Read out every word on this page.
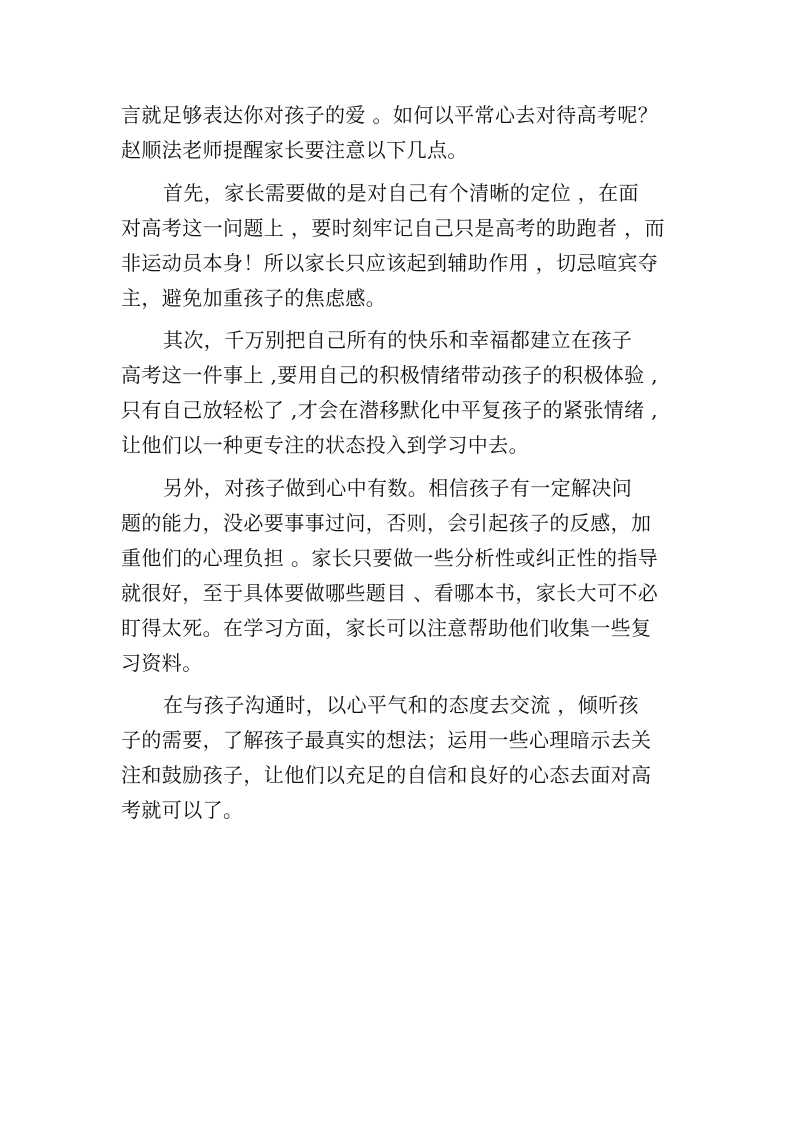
言就足够表达你对孩子的爱 。如何以平常心去对待高考呢？
赵顺法老师提醒家长要注意以下几点。
首先，家长需要做的是对自己有个清晰的定位 ，在面
对高考这一问题上 ，要时刻牢记自己只是高考的助跑者 ，而
非运动员本身！所以家长只应该起到辅助作用 ，切忌喧宾夺
主，避免加重孩子的焦虑感。
其次，千万别把自己所有的快乐和幸福都建立在孩子
高考这一件事上 ,要用自己的积极情绪带动孩子的积极体验 ,
只有自己放轻松了 ,才会在潜移默化中平复孩子的紧张情绪 ,
让他们以一种更专注的状态投入到学习中去。
另外，对孩子做到心中有数。相信孩子有一定解决问
题的能力，没必要事事过问，否则，会引起孩子的反感，加
重他们的心理负担 。家长只要做一些分析性或纠正性的指导
就很好，至于具体要做哪些题目 、看哪本书，家长大可不必
盯得太死。在学习方面，家长可以注意帮助他们收集一些复
习资料。
在与孩子沟通时，以心平气和的态度去交流 ，倾听孩
子的需要，了解孩子最真实的想法；运用一些心理暗示去关
注和鼓励孩子，让他们以充足的自信和良好的心态去面对高
考就可以了。
